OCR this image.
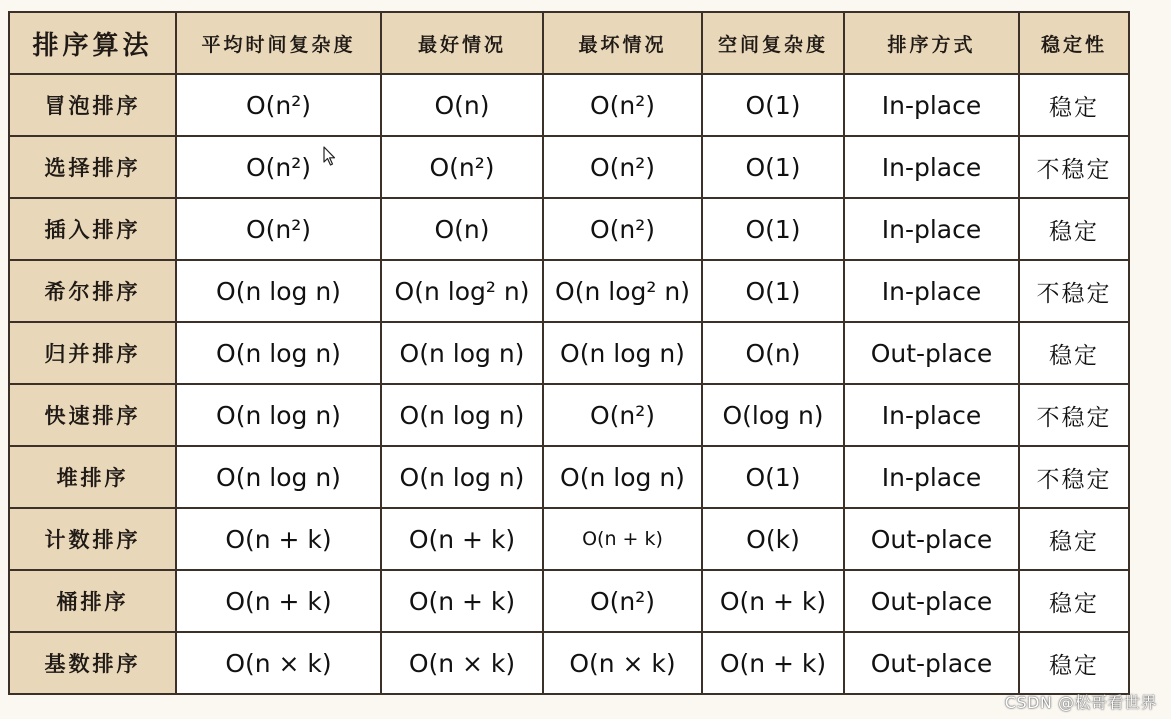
排序算法	平均时间复杂度	最好情况	最坏情况	空间复杂度	排序方式	稳定性
冒泡排序	O(n²)	O(n)	O(n²)	O(1)	In-place	稳定
选择排序	O(n²)	O(n²)	O(n²)	O(1)	In-place	不稳定
插入排序	O(n²)	O(n)	O(n²)	O(1)	In-place	稳定
希尔排序	O(n log n)	O(n log² n)	O(n log² n)	O(1)	In-place	不稳定
归并排序	O(n log n)	O(n log n)	O(n log n)	O(n)	Out-place	稳定
快速排序	O(n log n)	O(n log n)	O(n²)	O(log n)	In-place	不稳定
堆排序	O(n log n)	O(n log n)	O(n log n)	O(1)	In-place	不稳定
计数排序	O(n + k)	O(n + k)	O(n + k)	O(k)	Out-place	稳定
桶排序	O(n + k)	O(n + k)	O(n²)	O(n + k)	Out-place	稳定
基数排序	O(n × k)	O(n × k)	O(n × k)	O(n + k)	Out-place	稳定
CSDN @松哥看世界
